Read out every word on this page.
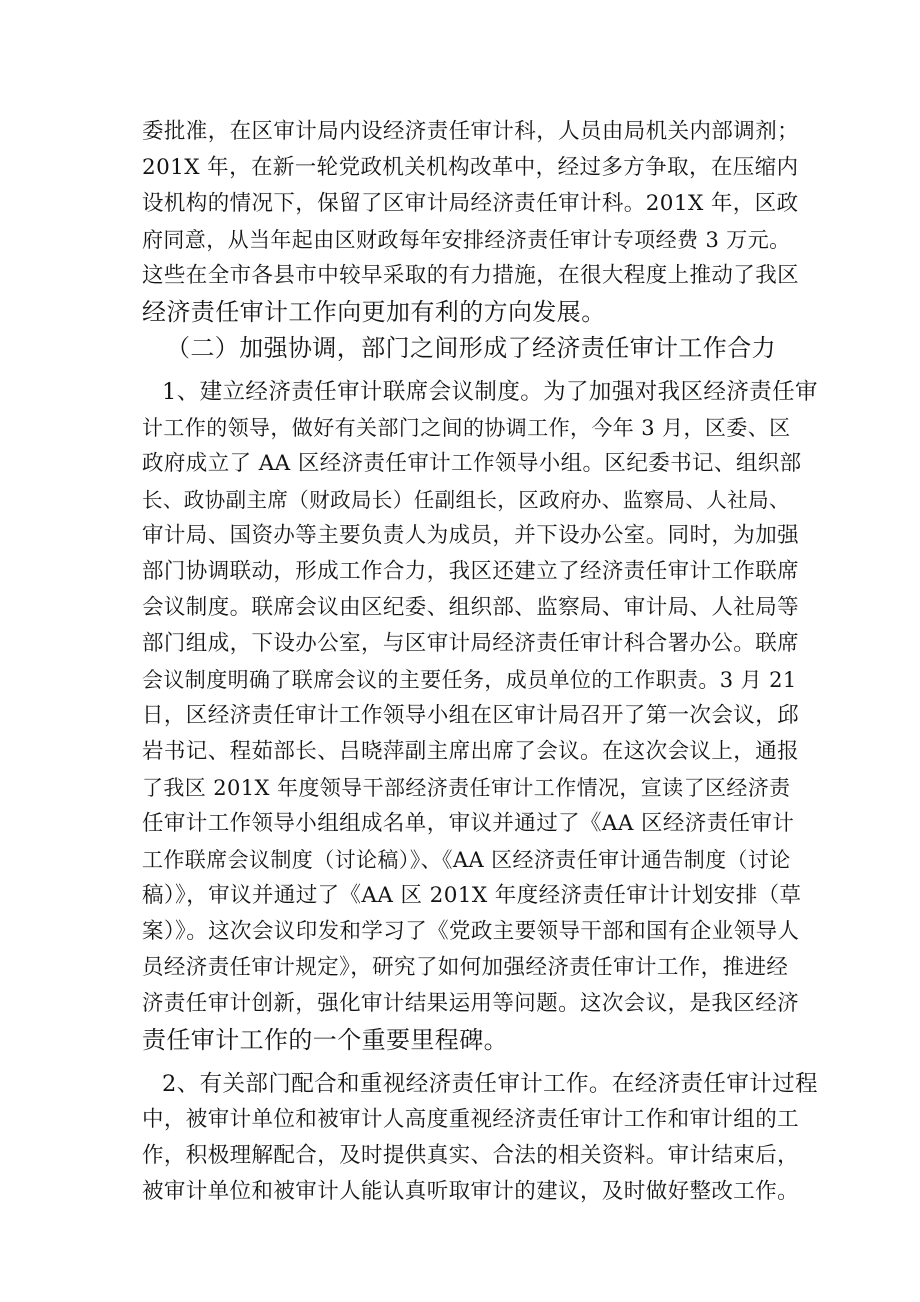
委批准，在区审计局内设经济责任审计科，人员由局机关内部调剂；
201X 年，在新一轮党政机关机构改革中，经过多方争取，在压缩内
设机构的情况下，保留了区审计局经济责任审计科。201X 年，区政
府同意，从当年起由区财政每年安排经济责任审计专项经费 3 万元。
这些在全市各县市中较早采取的有力措施，在很大程度上推动了我区
经济责任审计工作向更加有利的方向发展。
（二）加强协调，部门之间形成了经济责任审计工作合力
1、建立经济责任审计联席会议制度。为了加强对我区经济责任审
计工作的领导，做好有关部门之间的协调工作，今年 3 月，区委、区
政府成立了 AA 区经济责任审计工作领导小组。区纪委书记、组织部
长、政协副主席（财政局长）任副组长，区政府办、监察局、人社局、
审计局、国资办等主要负责人为成员，并下设办公室。同时，为加强
部门协调联动，形成工作合力，我区还建立了经济责任审计工作联席
会议制度。联席会议由区纪委、组织部、监察局、审计局、人社局等
部门组成，下设办公室，与区审计局经济责任审计科合署办公。联席
会议制度明确了联席会议的主要任务，成员单位的工作职责。3 月 21
日，区经济责任审计工作领导小组在区审计局召开了第一次会议，邱
岩书记、程茹部长、吕晓萍副主席出席了会议。在这次会议上，通报
了我区 201X 年度领导干部经济责任审计工作情况，宣读了区经济责
任审计工作领导小组组成名单，审议并通过了《AA 区经济责任审计
工作联席会议制度（讨论稿）》、《AA 区经济责任审计通告制度（讨论
稿）》，审议并通过了《AA 区 201X 年度经济责任审计计划安排（草
案）》。这次会议印发和学习了《党政主要领导干部和国有企业领导人
员经济责任审计规定》，研究了如何加强经济责任审计工作，推进经
济责任审计创新，强化审计结果运用等问题。这次会议，是我区经济
责任审计工作的一个重要里程碑。
2、有关部门配合和重视经济责任审计工作。在经济责任审计过程
中，被审计单位和被审计人高度重视经济责任审计工作和审计组的工
作，积极理解配合，及时提供真实、合法的相关资料。审计结束后，
被审计单位和被审计人能认真听取审计的建议，及时做好整改工作。
